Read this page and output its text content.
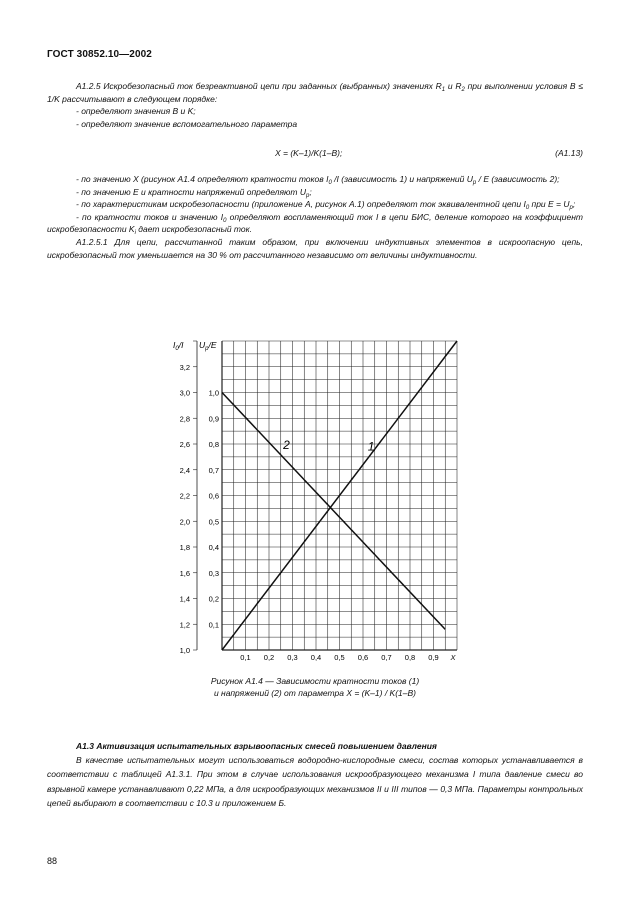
ГОСТ 30852.10—2002

А1.2.5 Искробезопасный ток безреактивной цепи при заданных (выбранных) значениях $R_1$ и $R_2$ при выполнении условия B ≤ 1/K рассчитывают в следующем порядке:

- определяют значения B и K;

- определяют значение вспомогательного параметра

X = (K–1)/K(1–B);	(А1.13)

- по значению X (рисунок А1.4 определяют кратности токов $I_0$ /I (зависимость 1) и напряжений $U_р$ / E (зависимость 2);

- по значению E и кратности напряжений определяют $U_р$;

- по характеристикам искробезопасности (приложение А, рисунок А.1) определяют ток эквивалентной цепи $I_0$ при $E = U_р$;

- по кратности токов и значению $I_0$ определяют воспламеняющий ток I в цепи БИС, деление которого на коэффициент искробезопасности $K_i$ дает искробезопасный ток.

А1.2.5.1 Для цепи, рассчитанной таким образом, при включении индуктивных элементов в искроопасную цепь, искробезопасный ток уменьшается на 30 % от рассчитанного независимо от величины индуктивности.

1
2
1,0
1,2
1,4
1,6
1,8
2,0
2,2
2,4
2,6
2,8
3,0
3,2
0,1
0,2
0,3
0,4
0,5
0,6
0,7
0,8
0,9
1,0
0,1 0,2 0,3 0,4 0,5 0,6 0,7 0,8 0,9 X
$I_0/I$ $U_р/E$
Рисунок А1.4 — Зависимости кратности токов (1)
и напряжений (2) от параметра X = (K–1) / K(1–B)

А1.3 Активизация испытательных взрывоопасных смесей повышением давления

В качестве испытательных могут использоваться водородно-кислородные смеси, состав которых устанавливается в соответствии с таблицей А1.3.1. При этом в случае использования искрообразующего механизма I типа давление смеси во взрывной камере устанавливают 0,22 МПа, а для искрообразующих механизмов II и III типов — 0,3 МПа. Параметры контрольных цепей выбирают в соответствии с 10.3 и приложением Б.

88
